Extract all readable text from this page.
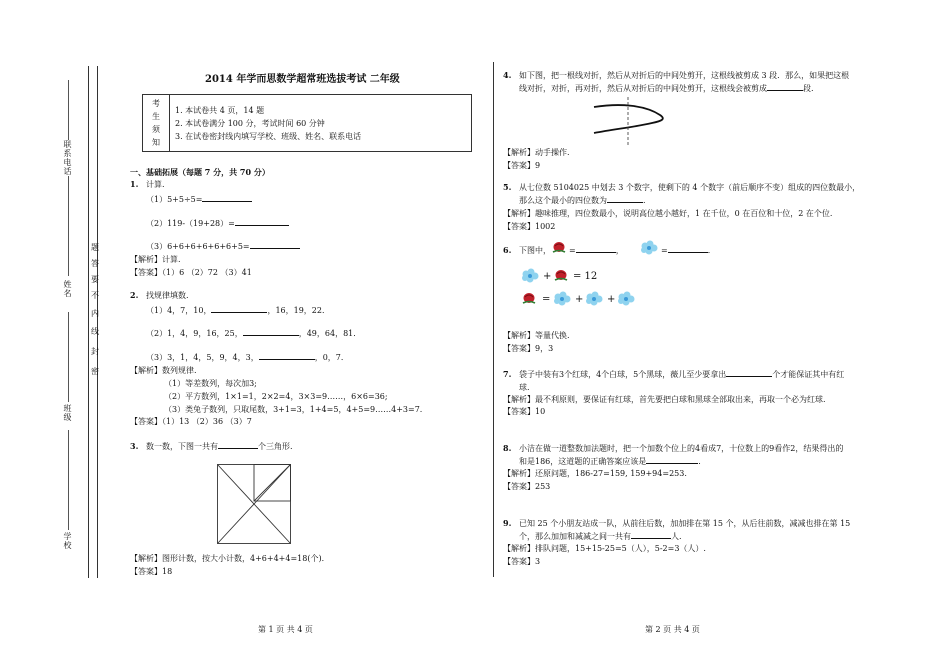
联系电话
姓名
班级
学校
密
封
线
内
不
要
答
题
2014 年学而思数学超常班选拔考试 二年级
考
生
须
知
1. 本试卷共 4 页，14 题
2. 本试卷满分 100 分，考试时间 60 分钟
3. 在试卷密封线内填写学校、班级、姓名、联系电话
一、基础拓展（每题 7 分，共 70 分）
1. 计算.
（1）5+5÷5=
（2）119-（19+28）=
（3）6+6+6+6+6+6+5=
【解析】计算.
【答案】（1）6 （2）72 （3）41
2. 找规律填数.
（1）4，7，10，	，16，19，22．
（2）1，4，9，16，25，	，49，64，81．
（3）3，1，4，5，9，4，3，	，0，7．
【解析】数列规律.
（1）等差数列，每次加3;
（2）平方数列，1×1=1，2×2=4，3×3=9……，6×6=36;
（3）类兔子数列，只取尾数，3+1=3，1+4=5，4+5=9……4+3=7.
【答案】（1）13 （2）36 （3）7
3. 数一数，下图一共有	个三角形.
【解析】图形计数，按大小计数，4+6+4+4=18(个)．
【答案】18
第 1 页 共 4 页
4. 如下图，把一根线对折，然后从对折后的中间处剪开，这根线被剪成 3 段．那么，如果把这根
线对折，对折，再对折，然后从对折后的中间处剪开，这根线会被剪成	段.
【解析】动手操作.
【答案】9
5. 从七位数 5104025 中划去 3 个数字，使剩下的 4 个数字（前后顺序不变）组成的四位数最小，
那么这个最小的四位数为	.
【解析】趣味推理，四位数最小，说明高位越小越好，1 在千位，0 在百位和十位，2 在个位.
【答案】1002
6. 下图中， =	，	=	．
+ = 12
= + +
【解析】等量代换.
【答案】9，3
7. 袋子中装有3个红球，4个白球，5个黑球，薇儿至少要拿出	个才能保证其中有红
球.
【解析】最不利原则，要保证有红球，首先要把白球和黑球全部取出来，再取一个必为红球.
【答案】10
8. 小洁在做一道整数加法题时，把一个加数个位上的4看成7，十位数上的9看作2，结果得出的
和是186，这道题的正确答案应该是	.
【解析】还原问题，186-27=159, 159+94=253.
【答案】253
9. 已知 25 个小朋友站成一队，从前往后数，加加排在第 15 个，从后往前数，减减也排在第 15
个，那么加加和减减之间一共有	人.
【解析】排队问题，15+15-25=5（人），5-2=3（人）.
【答案】3
第 2 页 共 4 页
